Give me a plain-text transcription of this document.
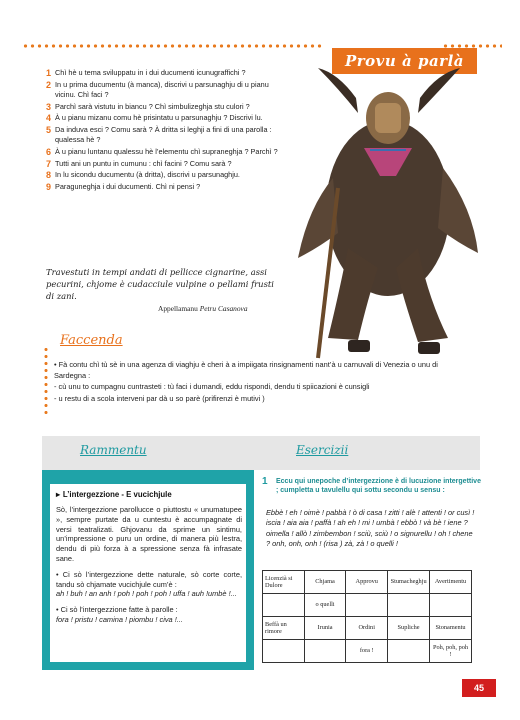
Provu à parlà
1 Chì hè u tema sviluppatu in i dui ducumenti icunugraffichi ?
2 In u prima ducumentu (à manca), discrivi u parsunaghju di u pianu vicinu. Chì faci ?
3 Parchì sarà vistutu in biancu ? Chì simbulizeghja stu culori ?
4 À u pianu mizanu comu hè prisintatu u parsunaghju ? Discrivi lu.
5 Da induva esci ? Comu sarà ? À dritta si leghji a fini di una parolla : qualessa hè ?
6 À u pianu luntanu qualessu hè l’elementu chì supraneghja ? Parchì ?
7 Tutti ani un puntu in cumunu : chì facini ? Comu sarà ?
8 In lu sicondu ducumentu (à dritta), discrivi u parsunaghju.
9 Paraguneghja i dui ducumenti. Chì ni pensi ?
Travestuti in tempi andati di pellicce cignarine, assi pecurini, chjome è cudacciule vulpine o pellami frusti di zani.
Appellamanu Petru Casanova
Faccenda

• Fà contu chì tù sè in una agenza di viaghju è cheri à a impiigata rinsignamenti nant’à u carnuvali di Venezia o unu di Sardegna :

- cù unu to cumpagnu cuntrasteti : tù faci i dumandi, eddu rispondi, dendu ti spiicazioni è cunsigli

- u restu di a scola interveni par dà u so parè (prifirenzi è mutivi )

Rammentu	Esercizii
▸ L’intergezzione - E vucichjule

Sò, l’intergezzione parollucce o piuttostu « unumatupee », sempre purtate da u cuntestu è accumpagnate di versi teatralizati. Ghjovanu da sprime un sintimu, un’impressione o puru un ordine, di manera più lestra, dendu di più forza à a spressione senza fà infrasate sane.

• Ci sò l’intergezzione dette naturale, sò corte corte, tandu sò chjamate vucichjule cum’è :
ah ! buh ! an anh ! poh ! poh ! poh ! uffa ! auh !umbè !...

• Ci sò l’intergezzione fatte à parolle :
fora ! pristu ! camina ! piombu ! civa !...

1 Eccu qui unepoche d’intergezzione è di lucuzione intergettive ; cumpletta u tavulellu qui sottu secondu u sensu :
Ebbè ! eh ! oimè ! pabbà ! ò di casa ! zitti ! alè ! attenti ! or cusì ! iscia ! aia aia ! paffà ! ah eh ! mi ! umbà ! ebbò ! và bè ! iene ? oimella ! allò ! zimbembon ! sciù, sciù ! o signurellu ! oh ! chene ? onh, onh, onh ! (risa ) zà, zà ! o quelli !
Licenzià si Dulore	Chjama	Approvu	Stumacheghju	Avertimentu
	o quelli			
Beffà un rimore	Irunia	Ordini	Supliche	Stonamentu
		fora !		Poh, poh, poh !
45
